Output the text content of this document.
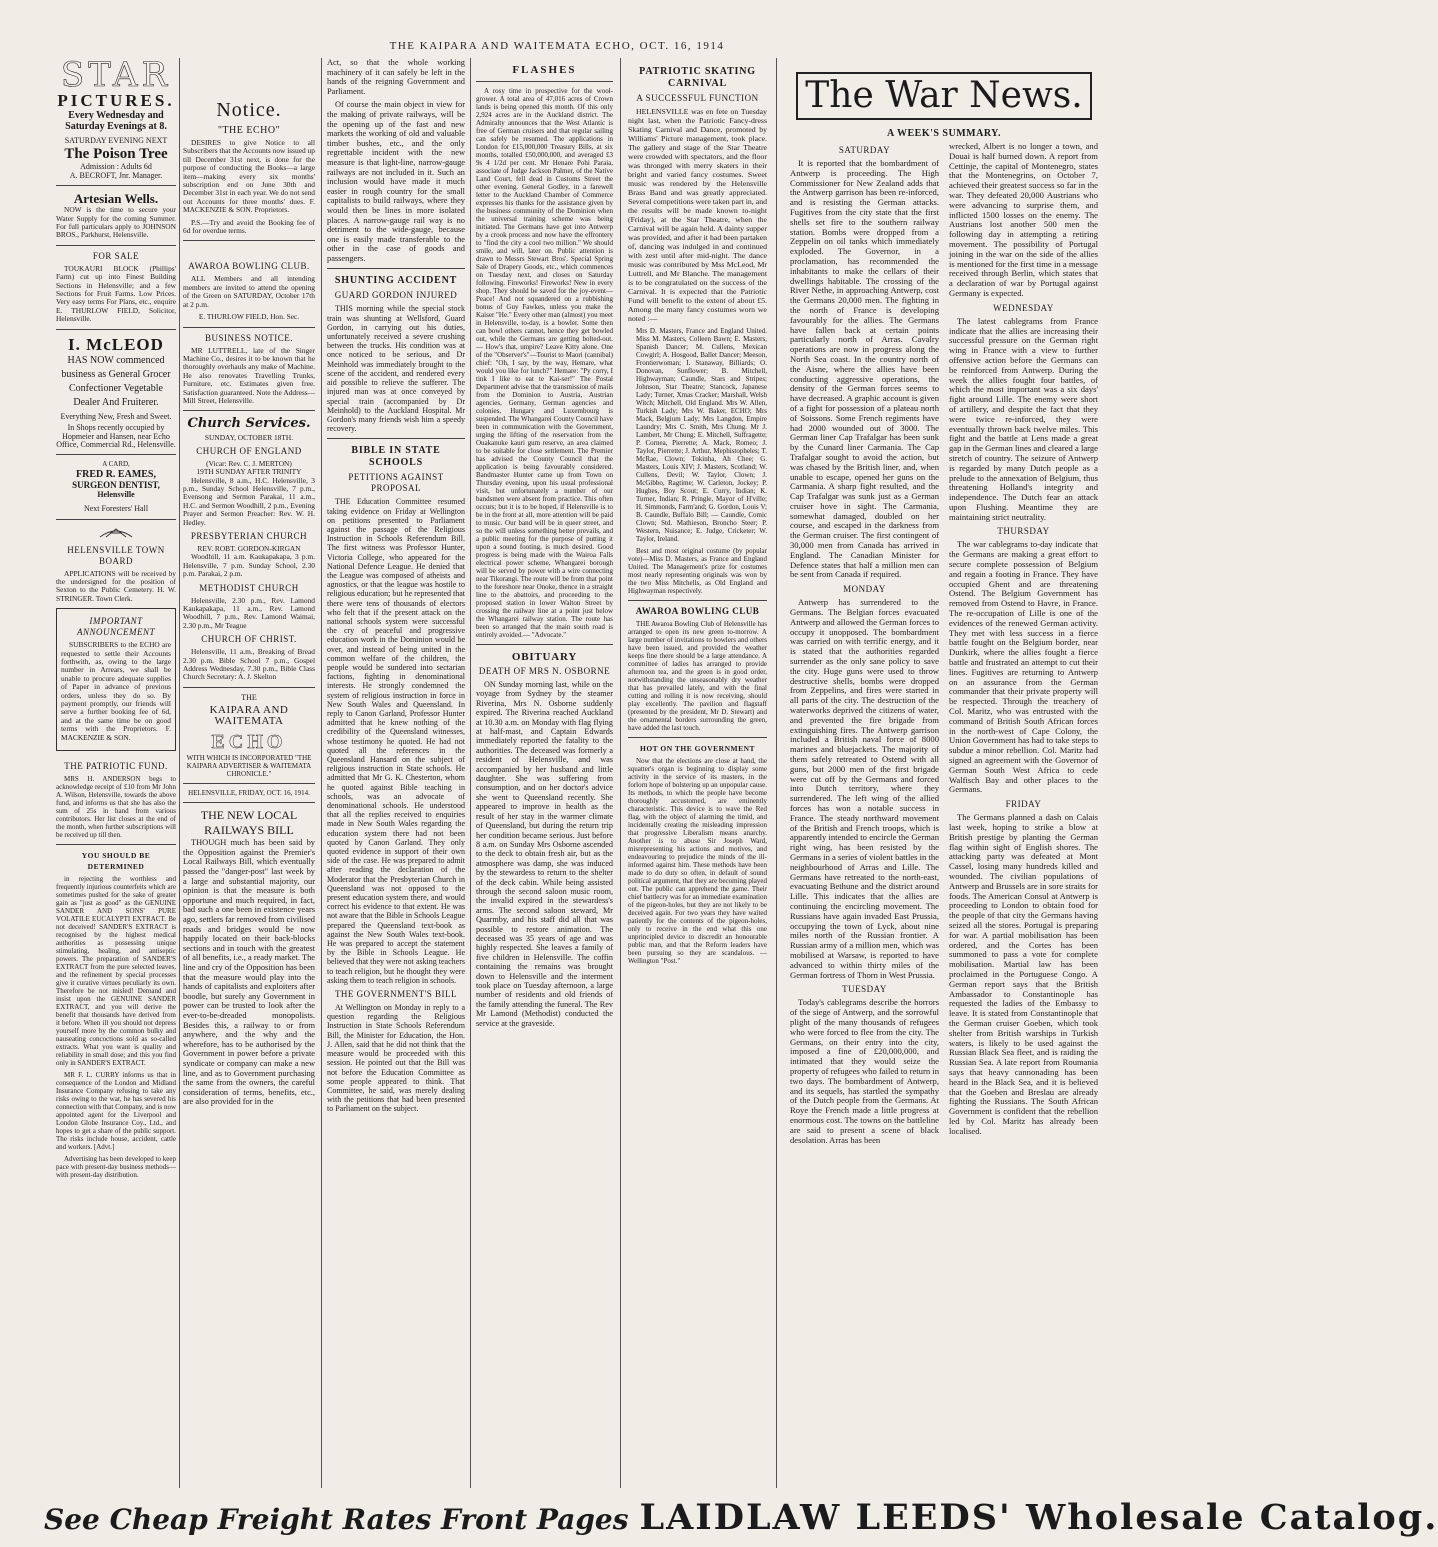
THE KAIPARA AND WAITEMATA ECHO, OCT. 16, 1914
STAR
PICTURES.
Every Wednesday and Saturday Evenings at 8.
SATURDAY EVENING NEXT
The Poison Tree
Admission : Adults 6d
A. BECROFT, Jnr. Manager.
Artesian Wells.
NOW is the time to secure your Water Supply for the coming Summer. For full particulars apply to JOHNSON BROS., Parkhurst, Helensville.
FOR SALE
TOUKAURI BLOCK (Phillips' Farm) cut up into Finest Building Sections in Helensville; and a few Sections for Fruit Farms. Low Prices. Very easy terms For Plans, etc., enquire E. THURLOW FIELD, Solicitor, Helensville.
I. McLEOD
HAS NOW commenced business as General Grocer Confectioner Vegetable Dealer And Fruiterer.
Everything New, Fresh and Sweet.
In Shops recently occupied by Hopmeier and Hansen, near Echo Office, Commercial Rd., Helensville.
A CARD,
FRED R. EAMES,
SURGEON DENTIST,
Helensville
Next Foresters' Hall
HELENSVILLE TOWN BOARD
APPLICATIONS will be received by the undersigned for the position of Sexton to the Public Cemetery. H. W. STRINGER. Town Clerk.
IMPORTANT ANNOUNCEMENT
SUBSCRIBERS to the ECHO are requested to settle their Accounts forthwith, as, owing to the large number in Arrears, we shall be unable to procure adequate supplies of Paper in advance of previous orders, unless they do so. By payment promptly, our friends will serve a further booking fee of 6d, and at the same time be on good terms with the Proprietors. F. MACKENZIE & SON.
THE PATRIOTIC FUND.
MRS H. ANDERSON begs to acknowledge receipt of £10 from Mr John A. Wilson, Helensville, towards the above fund, and informs us that she has also the sum of 25s in hand from various contributors. Her list closes at the end of the month, when further subscriptions will be received up till then.
YOU SHOULD BE DETERMINED
in rejecting the worthless and frequently injurious counterfeits which are sometimes pushed for the sake of greater gain as "just as good" as the GENUINE SANDER AND SONS' PURE VOLATILE EUCALYPTI EXTRACT. Be not deceived! SANDER'S EXTRACT is recognised by the highest medical authorities as possessing unique stimulating, healing, and antiseptic powers. The preparation of SANDER'S EXTRACT from the pure selected leaves, and the refinement by special processes give it curative virtues peculiarly its own. Therefore be not misled! Demand and insist upon the GENUINE SANDER EXTRACT, and you will derive the benefit that thousands have derived from it before. When ill you should not depress yourself more by the common bulky and nauseating concoctions sold as so-called extracts. What you want is quality and reliability in small dose; and this you find only in SANDER'S EXTRACT.
MR F. L. CURRY informs us that in consequence of the London and Midland Insurance Company refusing to take any risks owing to the war, he has severed his connection with that Company, and is now appointed agent for the Liverpool and London Globe Insurance Coy., Ltd., and hopes to get a share of the public support. The risks include house, accident, cattle and workers. [Advt.]
Advertising has been developed to keep pace with present-day business methods—with present-day distribution.
Notice.
"THE ECHO"
DESIRES to give Notice to all Subscribers that the Accounts now issued up till December 31st next, is done for the purpose of conducting the Books—a large item—making every six months' subscription end on June 30th and December 31st in each year. We do not send out Accounts for three months' dues. F. MACKENZIE & SON. Proprietors.
P.S.—Try and avoid the Booking fee of 6d for overdue terms.
AWAROA BOWLING CLUB.
ALL Members and all intending members are invited to attend the opening of the Green on SATURDAY, October 17th at 2 p.m.
E. THURLOW FIELD, Hon. Sec.
BUSINESS NOTICE.
MR LUTTRELL, late of the Singer Machine Co., desires it to be known that he thoroughly overhauls any make of Machine. He also renovates Travelling Trunks, Furniture, etc. Estimates given free. Satisfaction guaranteed. Note the Address—Mill Street, Helensville.
Church Services.
SUNDAY, OCTOBER 18TH.
CHURCH OF ENGLAND
(Vicar: Rev. C. J. MERTON)
19TH SUNDAY AFTER TRINITY
Helensville, 8 a.m., H.C. Helensville, 3 p.m., Sunday School Helensville, 7 p.m., Evensong and Sermon Parakai, 11 a.m., H.C. and Sermon Woodhill, 2 p.m., Evening Prayer and Sermon Preacher: Rev. W. H. Hedley.
PRESBYTERIAN CHURCH
REV. ROBT. GORDON-KIRGAN
Woodhill, 11 a.m. Kaukapakapa, 3 p.m. Helensville, 7 p.m. Sunday School, 2.30 p.m. Parakai, 2 p.m.
METHODIST CHURCH
Helensville, 2.30 p.m., Rev. Lamond Kaukapakapa, 11 a.m., Rev. Lamond Woodhill, 7 p.m., Rev. Lamond Waimai, 2.30 p.m., Mr Teague
CHURCH OF CHRIST.
Helensville, 11 a.m., Breaking of Bread 2.30 p.m. Bible School 7 p.m., Gospel Address Wednesday, 7.30 p.m., Bible Class Church Secretary: A. J. Skelton
THE
KAIPARA AND WAITEMATA
ECHO
WITH WHICH IS INCORPORATED "THE KAIPARA ADVERTISER & WAITEMATA CHRONICLE."
HELENSVILLE, FRIDAY, OCT. 16, 1914.
THE NEW LOCAL RAILWAYS BILL
THOUGH much has been said by the Opposition against the Premier's Local Railways Bill, which eventually passed the "danger-post" last week by a large and substantial majority, our opinion is that the measure is both opportune and much required, in fact, bad such a one been in existence years ago, settlers far removed from civilised roads and bridges would be now happily located on their back-blocks sections and in touch with the greatest of all benefits, i.e., a ready market. The line and cry of the Opposition has been that the measure would play into the hands of capitalists and exploiters after boodle, but surely any Government in power can be trusted to look after the ever-to-be-dreaded monopolists. Besides this, a railway to or from anywhere, and the why and the wherefore, has to be authorised by the Government in power before a private syndicate or company can make a new line, and as to Government purchasing the same from the owners, the careful consideration of terms, benefits, etc., are also provided for in the
Act, so that the whole working machinery of it can safely be left in the hands of the reigning Government and Parliament.
Of course the main object in view for the making of private railways, will be the opening up of the fast and new markets the working of old and valuable timber bushes, etc., and the only regrettable incident with the new measure is that light-line, narrow-gauge railways are not included in it. Such an inclusion would have made it much easier in rough country for the small capitalists to build railways, where they would then be lines in more isolated places. A narrow-gauge rail way is no detriment to the wide-gauge, because one is easily made transferable to the other in the case of goods and passengers.
SHUNTING ACCIDENT
GUARD GORDON INJURED
THIS morning while the special stock train was shunting at Wellsford, Guard Gordon, in carrying out his duties, unfortunately received a severe crushing between the trucks. His condition was at once noticed to be serious, and Dr Meinhold was immediately brought to the scene of the accident, and rendered every aid possible to relieve the sufferer. The injured man was at once conveyed by special train (accompanied by Dr Meinhold) to the Auckland Hospital. Mr Gordon's many friends wish him a speedy recovery.
BIBLE IN STATE SCHOOLS
PETITIONS AGAINST PROPOSAL
THE Education Committee resumed taking evidence on Friday at Wellington on petitions presented to Parliament against the passage of the Religious Instruction in Schools Referendum Bill. The first witness was Professor Hunter, Victoria College, who appeared for the National Defence League. He denied that the League was composed of atheists and agnostics, or that the league was hostile to religious education; but he represented that there were tens of thousands of electors who felt that if the present attack on the national schools system were successful the cry of peaceful and progressive education work in the Dominion would be over, and instead of being united in the common welfare of the children, the people would be sundered into sectarian factions, fighting in denominational interests. He strongly condemned the system of religious instruction in force in New South Wales and Queensland. In reply to Canon Garland, Professor Hunter admitted that he knew nothing of the credibility of the Queensland witnesses, whose testimony he quoted. He had not quoted all the references in the Queensland Hansard on the subject of religious instruction in State schools. He admitted that Mr G. K. Chesterton, whom he quoted against Bible teaching in schools, was an advocate of denominational schools. He understood that all the replies received to enquiries made in New South Wales regarding the education system there had not been quoted by Canon Garland. They only quoted evidence in support of their own side of the case. He was prepared to admit after reading the declaration of the Moderator that the Presbyterian Church in Queensland was not opposed to the present education system there, and would correct his evidence to that extent. He was not aware that the Bible in Schools League prepared the Queensland text-book as against the New South Wales text-book. He was prepared to accept the statement by the Bible in Schools League. He believed that they were not asking teachers to teach religion, but he thought they were asking them to teach religion in schools.
THE GOVERNMENT'S BILL
At Wellington on Monday in reply to a question regarding the Religious Instruction in State Schools Referendum Bill, the Minister for Education, the Hon. J. Allen, said that he did not think that the measure would be proceeded with this session. He pointed out that the Bill was not before the Education Committee as some people appeared to think. That Committee, he said, was merely dealing with the petitions that had been presented to Parliament on the subject.
FLASHES
A rosy time in prospective for the wool-grower. A total area of 47,016 acres of Crown lands is being opened this month. Of this only 2,924 acres are in the Auckland district. The Admiralty announces that the West Atlantic is free of German cruisers and that regular sailing can safely be resumed. The applications in London for £15,000,000 Treasury Bills, at six months, totalled £50,000,000, and averaged £3 9s 4 1/2d per cent. Mr Henare Pohi Paraia, associate of Judge Jackson Palmer, of the Native Land Court, fell dead in Customs Street the other evening. General Godley, in a farewell letter to the Auckland Chamber of Commerce expresses his thanks for the assistance given by the business community of the Dominion when the universal training scheme was being initiated. The Germans have got into Antwerp by a crook process and now have the effrontery to "find the city a cool two million." We should smile, and will, later on. Public attention is drawn to Messrs Stewart Bros'. Special Spring Sale of Drapery Goods, etc., which commences on Tuesday next, and closes on Saturday following. Fireworks! Fireworks! New in every shop. They should be saved for the joy-event—Peace! And not squandered on a rubbishing bonus of Guy Fawkes, unless you make the Kaiser "He." Every other man (almost) you meet in Helensville, to-day, is a bowler. Some then can bowl others cannot, hence they get bowled out, while the Germans are getting bolted-out. — How's that, umpire? Leave Kitty alone. One of the "Observer's"—Tourist to Maori (cannibal) chief: "Oh, I say, by the way, Hemare, what would you like for lunch?" Hemare: "Py corry, I tink I like to eat te Kai-ser!" The Postal Department advise that the transmission of mails from the Dominion to Austria, Austrian agencies, Germany, German agencies and colonies, Hungary and Luxembourg is suspended. The Whangarei County Council have been in communication with the Government, urging the lifting of the reservation from the Ouakanuke kauri gum reserve, an area claimed to be suitable for close settlement. The Premier has advised the County Council that the application is being favourably considered. Bandmaster Hunter came up from Town on Thursday evening, upon his usual professional visit, but unfortunately a number of our bandsmen were absent from practice. This often occurs; but it is to be hoped, if Helensville is to be in the front at all, more attention will be paid to music. Our band will be in queer street, and so the will unless something better prevails, and a public meeting for the purpose of putting it upon a sound footing, is much desired. Good progress is being made with the Wairoa Falls electrical power scheme, Whangarei borough will be served by power with a wire connecting near Tikorangi. The route will be from that point to the foreshore near Onoke, thence in a straight line to the abattoirs, and proceeding to the proposed station in lower Walton Street by crossing the railway line at a point just below the Whangarei railway station. The route has been so arranged that the main south road is entirely avoided.— "Advocate."
OBITUARY
DEATH OF MRS N. OSBORNE
ON Sunday morning last, while on the voyage from Sydney by the steamer Riverina, Mrs N. Osborne suddenly expired. The Riverina reached Auckland at 10.30 a.m. on Monday with flag flying at half-mast, and Captain Edwards immediately reported the fatality to the authorities. The deceased was formerly a resident of Helensville, and was accompanied by her husband and little daughter. She was suffering from consumption, and on her doctor's advice she went to Queensland recently. She appeared to improve in health as the result of her stay in the warmer climate of Queensland, but during the return trip her condition became serious. Just before 8 a.m. on Sunday Mrs Osborne ascended to the deck to obtain fresh air, but as the atmosphere was damp, she was induced by the stewardess to return to the shelter of the deck cabin. While being assisted through the second saloon music room, the invalid expired in the stewardess's arms. The second saloon steward, Mr Quarmby, and his staff did all that was possible to restore animation. The deceased was 35 years of age and was highly respected. She leaves a family of five children in Helensville. The coffin containing the remains was brought down to Helensville and the interment took place on Tuesday afternoon, a large number of residents and old friends of the family attending the funeral. The Rev Mr Lamond (Methodist) conducted the service at the graveside.
PATRIOTIC SKATING CARNIVAL
A SUCCESSFUL FUNCTION
HELENSVILLE was en fete on Tuesday night last, when the Patriotic Fancy-dress Skating Carnival and Dance, promoted by Williams' Picture management, took place. The gallery and stage of the Star Theatre were crowded with spectators, and the floor was thronged with merry skaters in their bright and varied fancy costumes. Sweet music was rendered by the Helensville Brass Band and was greatly appreciated. Several competitions were taken part in, and the results will be made known to-night (Friday), at the Star Theatre, when the Carnival will be again held. A dainty supper was provided, and after it had been partaken of, dancing was indulged in and continued with zest until after mid-night. The dance music was contributed by Mss McLeod, Mr Luttrell, and Mr Blanche. The management is to be congratulated on the success of the Carnival. It is expected that the Patriotic Fund will benefit to the extent of about £5. Among the many fancy costumes worn we noted :—
Mrs D. Masters, France and England United. Miss M. Masters, Colleen Bawn; E. Masters, Spanish Dancer; M. Cullens, Mexican Cowgirl; A. Hosgood, Ballet Dancer; Meeson, Frontierwoman; I. Stanaway, Billiards; O. Donovan, Sunflower; B. Mitchell, Highwayman; Caundle, Stars and Stripes; Johnson, Star Theatre; Stancock, Japanese Lady; Turner, Xmas Cracker; Marshall, Welsh Witch; Mitchell, Old England. Mrs W. Allen, Turkish Lady; Mrs W. Baker, ECHO; Mrs Mack, Belgium Lady; Mrs Langdon, Empire Laundry; Mrs C. Smith, Mrs Chung. Mr J. Lambert, Mr Chung; E. Mitchell, Suffragette; P. Cornea, Pierrette; A. Mack, Romeo; J. Taylor, Pierrette; J. Arthur, Mephistopheles; T. McRae, Clown; Tokinha, Ah Chee; G. Masters, Louis XIV; J. Masters, Scotland; W. Cullens, Devil; W. Taylor, Clown; J. McGibbo, Ragtime; W. Carleton, Jockey; P. Hughes, Boy Scout; E. Curry, Indian; K. Turner, Indian; R. Pringle, Mayor of H'ville; H. Simmonds, Farm'and; G. Gordon, Louis V; B. Caundle, Buffalo Bill; — Caundle, Comic Clown; Std. Mathieson, Broncho Steer; P. Western, Nuisance; E. Judge, Cricketer; W. Taylor, Ireland.
Best and most original costume (by popular vote)—Miss D. Masters, as France and England United. The Management's prize for costumes most nearly representing originals was won by the two Miss Mitchells, as Old England and Highwayman respectively.
AWAROA BOWLING CLUB
THE Awaroa Bowling Club of Helensville has arranged to open its new green to-morrow. A large number of invitations to bowlers and others have been issued, and provided the weather keeps fine there should be a large attendance. A committee of ladies has arranged to provide afternoon tea, and the green is in good order, notwithstanding the unseasonably dry weather that has prevailed lately, and with the final cutting and rolling it is now receiving, should play excellently. The pavilion and flagstaff (presented by the president, Mr D. Stewart) and the ornamental borders surrounding the green, have added the last touch.
HOT ON THE GOVERNMENT
Now that the elections are close at hand, the squatter's organ is beginning to display some activity in the service of its masters, in the forlorn hope of bolstering up an unpopular cause. Its methods, to which the people have become thoroughly accustomed, are eminently characteristic. This device is to wave the Red flag, with the object of alarming the timid, and incidentally creating the misleading impression that progressive Liberalism means anarchy. Another is to abuse Sir Joseph Ward, misrepresenting his actions and motives, and endeavouring to prejudice the minds of the ill-informed against him. These methods have been made to do duty so often, in default of sound political argument, that they are becoming played out. The public can apprehend the game. Their chief battlecry was for an immediate examination of the pigeon-holes, but they are not likely to be deceived again. For two years they have waited patiently for the contents of the pigeon-holes, only to receive in the end what this one unprincipled device to discredit an honourable public man, and that the Reform leaders have been pursuing so they are scandalous. — Wellington "Post."
The War News.
A WEEK'S SUMMARY.
SATURDAY
It is reported that the bombardment of Antwerp is proceeding. The High Commissioner for New Zealand adds that the Antwerp garrison has been re-inforced, and is resisting the German attacks. Fugitives from the city state that the first shells set fire to the southern railway station. Bombs were dropped from a Zeppelin on oil tanks which immediately exploded. The Governor, in a proclamation, has recommended the inhabitants to make the cellars of their dwellings habitable. The crossing of the River Nethe, in approaching Antwerp, cost the Germans 20,000 men. The fighting in the north of France is developing favourably for the allies. The Germans have fallen back at certain points particularly north of Arras. Cavalry operations are now in progress along the North Sea coast. In the country north of the Aisne, where the allies have been conducting aggressive operations, the density of the German forces seems to have decreased. A graphic account is given of a fight for possession of a plateau north of Soissons. Some French regiments have had 2000 wounded out of 3000. The German liner Cap Trafalgar has been sunk by the Cunard liner Carmania. The Cap Trafalgar sought to avoid the action, but was chased by the British liner, and, when unable to escape, opened her guns on the Carmania. A sharp fight resulted, and the Cap Trafalgar was sunk just as a German cruiser hove in sight. The Carmania, somewhat damaged, doubled on her course, and escaped in the darkness from the German cruiser. The first contingent of 30,000 men from Canada has arrived in England. The Canadian Minister for Defence states that half a million men can be sent from Canada if required.
MONDAY
Antwerp has surrendered to the Germans. The Belgian forces evacuated Antwerp and allowed the German forces to occupy it unopposed. The bombardment was carried on with terrific energy, and it is stated that the authorities regarded surrender as the only sane policy to save the city. Huge guns were used to throw destructive shells, bombs were dropped from Zeppelins, and fires were started in all parts of the city. The destruction of the waterworks deprived the citizens of water, and prevented the fire brigade from extinguishing fires. The Antwerp garrison included a British naval force of 8000 marines and bluejackets. The majority of them safely retreated to Ostend with all guns, but 2000 men of the first brigade were cut off by the Germans and forced into Dutch territory, where they surrendered. The left wing of the allied forces has won a notable success in France. The steady northward movement of the British and French troops, which is apparently intended to encircle the German right wing, has been resisted by the Germans in a series of violent battles in the neighbourhood of Arras and Lille. The Germans have retreated to the north-east, evacuating Bethune and the district around Lille. This indicates that the allies are continuing the encircling movement. The Russians have again invaded East Prussia, occupying the town of Lyck, about nine miles north of the Russian frontier. A Russian army of a million men, which was mobilised at Warsaw, is reported to have advanced to within thirty miles of the German fortress of Thorn in West Prussia.
TUESDAY
Today's cablegrams describe the horrors of the siege of Antwerp, and the sorrowful plight of the many thousands of refugees who were forced to flee from the city. The Germans, on their entry into the city, imposed a fine of £20,000,000, and intimated that they would seize the property of refugees who failed to return in two days. The bombardment of Antwerp, and its sequels, has startled the sympathy of the Dutch people from the Germans. At Roye the French made a little progress at enormous cost. The towns on the battleline are said to present a scene of black desolation. Arras has been
wrecked, Albert is no longer a town, and Douai is half burned down. A report from Cettinje, the capital of Montenegro, states that the Montenegrins, on October 7, achieved their greatest success so far in the war. They defeated 20,000 Austrians who were advancing to surprise them, and inflicted 1500 losses on the enemy. The Austrians lost another 500 men the following day in attempting a retiring movement. The possibility of Portugal joining in the war on the side of the allies is mentioned for the first time in a message received through Berlin, which states that a declaration of war by Portugal against Germany is expected.
WEDNESDAY
The latest cablegrams from France indicate that the allies are increasing their successful pressure on the German right wing in France with a view to further offensive action before the Germans can be reinforced from Antwerp. During the week the allies fought four battles, of which the most important was a six days' fight around Lille. The enemy were short of artillery, and despite the fact that they were twice re-inforced, they were eventually thrown back twelve miles. This fight and the battle at Lens made a great gap in the German lines and cleared a large stretch of country. The seizure of Antwerp is regarded by many Dutch people as a prelude to the annexation of Belgium, thus threatening Holland's integrity and independence. The Dutch fear an attack upon Flushing. Meantime they are maintaining strict neutrality.
THURSDAY
The war cablegrams to-day indicate that the Germans are making a great effort to secure complete possession of Belgium and regain a footing in France. They have occupied Ghent and are threatening Ostend. The Belgium Government has removed from Ostend to Havre, in France. The re-occupation of Lille is one of the evidences of the renewed German activity. They met with less success in a fierce battle fought on the Belgium border, near Dunkirk, where the allies fought a fierce battle and frustrated an attempt to cut their lines. Fugitives are returning to Antwerp on an assurance from the German commander that their private property will be respected. Through the treachery of Col. Maritz, who was entrusted with the command of British South African forces in the north-west of Cape Colony, the Union Government has had to take steps to subdue a minor rebellion. Col. Maritz had signed an agreement with the Governor of German South West Africa to cede Walfisch Bay and other places to the Germans.
FRIDAY
The Germans planned a dash on Calais last week, hoping to strike a blow at British prestige by planting the German flag within sight of English shores. The attacking party was defeated at Mont Cassel, losing many hundreds killed and wounded. The civilian populations of Antwerp and Brussels are in sore straits for foods. The American Consul at Antwerp is proceeding to London to obtain food for the people of that city the Germans having seized all the stores. Portugal is preparing for war. A partial mobilisation has been ordered, and the Cortes has been summoned to pass a vote for complete mobilisation. Martial law has been proclaimed in the Portuguese Congo. A German report says that the British Ambassador to Constantinople has requested the ladies of the Embassy to leave. It is stated from Constantinople that the German cruiser Goeben, which took shelter from British warships in Turkish waters, is likely to be used against the Russian Black Sea fleet, and is raiding the Russian Sea. A late report from Roumania says that heavy cannonading has been heard in the Black Sea, and it is believed that the Goeben and Breslau are already fighting the Russians. The South African Government is confident that the rebellion led by Col. Maritz has already been localised.
See Cheap Freight Rates Front Pages LAIDLAW LEEDS' Wholesale Catalog.
